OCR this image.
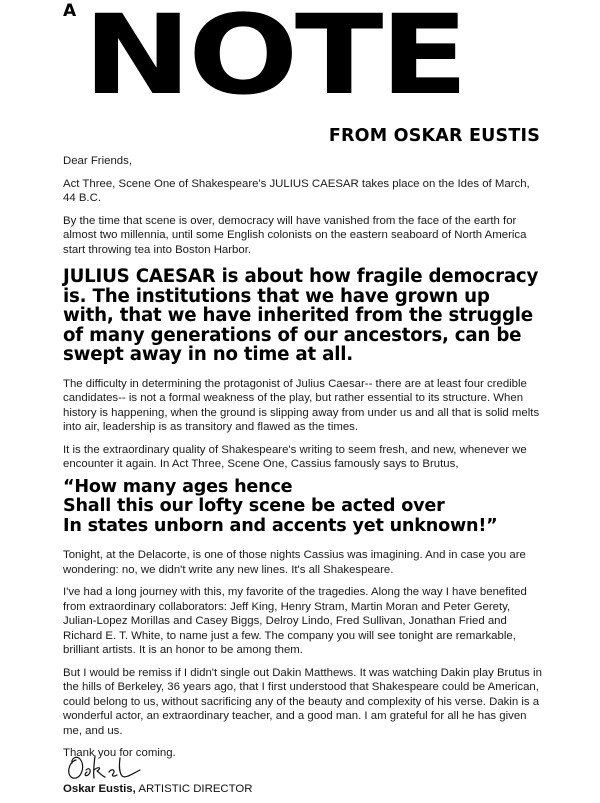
A NOTE
FROM OSKAR EUSTIS

Dear Friends,

Act Three, Scene One of Shakespeare's JULIUS CAESAR takes place on the Ides of March, 44 B.C.

By the time that scene is over, democracy will have vanished from the face of the earth for almost two millennia, until some English colonists on the eastern seaboard of North America start throwing tea into Boston Harbor.

JULIUS CAESAR is about how fragile democracy is. The institutions that we have grown up with, that we have inherited from the struggle of many generations of our ancestors, can be swept away in no time at all.

The difficulty in determining the protagonist of Julius Caesar-- there are at least four credible candidates-- is not a formal weakness of the play, but rather essential to its structure. When history is happening, when the ground is slipping away from under us and all that is solid melts into air, leadership is as transitory and flawed as the times.

It is the extraordinary quality of Shakespeare's writing to seem fresh, and new, whenever we encounter it again. In Act Three, Scene One, Cassius famously says to Brutus,

“How many ages hence
Shall this our lofty scene be acted over
In states unborn and accents yet unknown!”

Tonight, at the Delacorte, is one of those nights Cassius was imagining. And in case you are wondering: no, we didn't write any new lines. It's all Shakespeare.

I've had a long journey with this, my favorite of the tragedies. Along the way I have benefited from extraordinary collaborators: Jeff King, Henry Stram, Martin Moran and Peter Gerety, Julian-Lopez Morillas and Casey Biggs, Delroy Lindo, Fred Sullivan, Jonathan Fried and Richard E. T. White, to name just a few. The company you will see tonight are remarkable, brilliant artists. It is an honor to be among them.

But I would be remiss if I didn't single out Dakin Matthews. It was watching Dakin play Brutus in the hills of Berkeley, 36 years ago, that I first understood that Shakespeare could be American, could belong to us, without sacrificing any of the beauty and complexity of his verse. Dakin is a wonderful actor, an extraordinary teacher, and a good man. I am grateful for all he has given me, and us.

Thank you for coming.

Oskar Eustis, ARTISTIC DIRECTOR
